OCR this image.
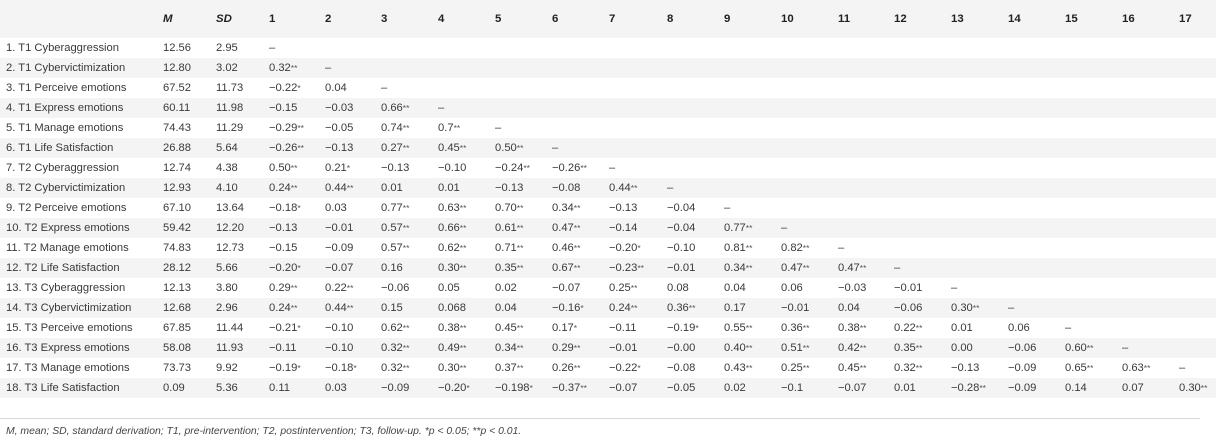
	M	SD	1	2	3	4	5	6	7	8	9	10	11	12	13	14	15	16	17
1. T1 Cyberaggression	12.56	2.95	–																
2. T1 Cybervictimization	12.80	3.02	0.32**	–															
3. T1 Perceive emotions	67.52	11.73	−0.22*	0.04	–														
4. T1 Express emotions	60.11	11.98	−0.15	−0.03	0.66**	–													
5. T1 Manage emotions	74.43	11.29	−0.29**	−0.05	0.74**	0.7**	–												
6. T1 Life Satisfaction	26.88	5.64	−0.26**	−0.13	0.27**	0.45**	0.50**	–											
7. T2 Cyberaggression	12.74	4.38	0.50**	0.21*	−0.13	−0.10	−0.24**	−0.26**	–										
8. T2 Cybervictimization	12.93	4.10	0.24**	0.44**	0.01	0.01	−0.13	−0.08	0.44**	–									
9. T2 Perceive emotions	67.10	13.64	−0.18*	0.03	0.77**	0.63**	0.70**	0.34**	−0.13	−0.04	–								
10. T2 Express emotions	59.42	12.20	−0.13	−0.01	0.57**	0.66**	0.61**	0.47**	−0.14	−0.04	0.77**	–							
11. T2 Manage emotions	74.83	12.73	−0.15	−0.09	0.57**	0.62**	0.71**	0.46**	−0.20*	−0.10	0.81**	0.82**	–						
12. T2 Life Satisfaction	28.12	5.66	−0.20*	−0.07	0.16	0.30**	0.35**	0.67**	−0.23**	−0.01	0.34**	0.47**	0.47**	–					
13. T3 Cyberaggression	12.13	3.80	0.29**	0.22**	−0.06	0.05	0.02	−0.07	0.25**	0.08	0.04	0.06	−0.03	−0.01	–				
14. T3 Cybervictimization	12.68	2.96	0.24**	0.44**	0.15	0.068	0.04	−0.16*	0.24**	0.36**	0.17	−0.01	0.04	−0.06	0.30**	–			
15. T3 Perceive emotions	67.85	11.44	−0.21*	−0.10	0.62**	0.38**	0.45**	0.17*	−0.11	−0.19*	0.55**	0.36**	0.38**	0.22**	0.01	0.06	–		
16. T3 Express emotions	58.08	11.93	−0.11	−0.10	0.32**	0.49**	0.34**	0.29**	−0.01	−0.00	0.40**	0.51**	0.42**	0.35**	0.00	−0.06	0.60**	–	
17. T3 Manage emotions	73.73	9.92	−0.19*	−0.18*	0.32**	0.30**	0.37**	0.26**	−0.22*	−0.08	0.43**	0.25**	0.45**	0.32**	−0.13	−0.09	0.65**	0.63**	–
18. T3 Life Satisfaction	0.09	5.36	0.11	0.03	−0.09	−0.20*	−0.198*	−0.37**	−0.07	−0.05	0.02	−0.1	−0.07	0.01	−0.28**	−0.09	0.14	0.07	0.30**
M, mean; SD, standard derivation; T1, pre-intervention; T2, postintervention; T3, follow-up. *p < 0.05; **p < 0.01.
